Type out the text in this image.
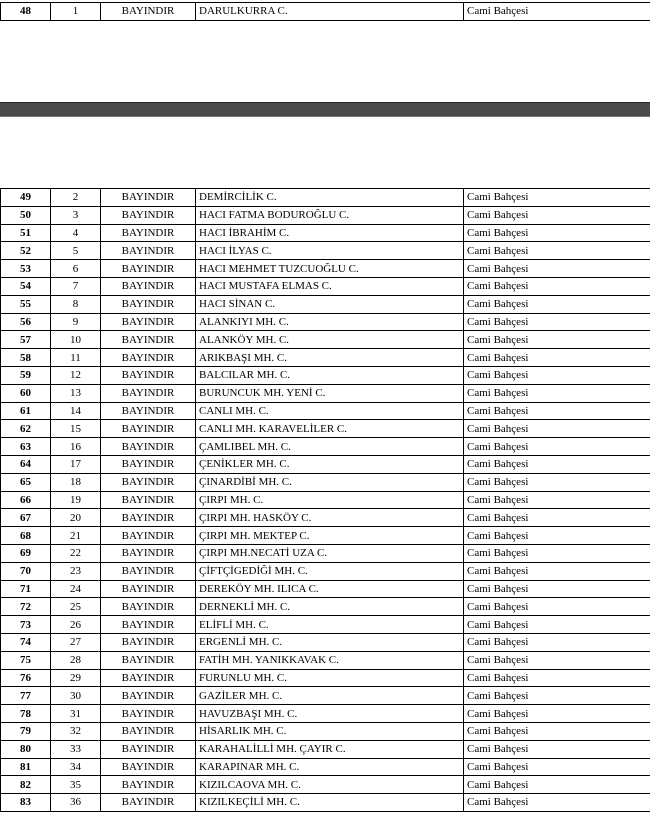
48	1	BAYINDIR	DARULKURRA C.	Cami Bahçesi
49	2	BAYINDIR	DEMİRCİLİK C.	Cami Bahçesi
50	3	BAYINDIR	HACI FATMA BODUROĞLU C.	Cami Bahçesi
51	4	BAYINDIR	HACI İBRAHİM C.	Cami Bahçesi
52	5	BAYINDIR	HACI İLYAS C.	Cami Bahçesi
53	6	BAYINDIR	HACI MEHMET TUZCUOĞLU C.	Cami Bahçesi
54	7	BAYINDIR	HACI MUSTAFA ELMAS C.	Cami Bahçesi
55	8	BAYINDIR	HACI SİNAN C.	Cami Bahçesi
56	9	BAYINDIR	ALANKIYI MH. C.	Cami Bahçesi
57	10	BAYINDIR	ALANKÖY MH. C.	Cami Bahçesi
58	11	BAYINDIR	ARIKBAŞI MH. C.	Cami Bahçesi
59	12	BAYINDIR	BALCILAR MH. C.	Cami Bahçesi
60	13	BAYINDIR	BURUNCUK MH. YENİ C.	Cami Bahçesi
61	14	BAYINDIR	CANLI MH. C.	Cami Bahçesi
62	15	BAYINDIR	CANLI MH. KARAVELİLER C.	Cami Bahçesi
63	16	BAYINDIR	ÇAMLIBEL MH. C.	Cami Bahçesi
64	17	BAYINDIR	ÇENİKLER MH. C.	Cami Bahçesi
65	18	BAYINDIR	ÇINARDİBİ MH. C.	Cami Bahçesi
66	19	BAYINDIR	ÇIRPI MH. C.	Cami Bahçesi
67	20	BAYINDIR	ÇIRPI MH. HASKÖY C.	Cami Bahçesi
68	21	BAYINDIR	ÇIRPI MH. MEKTEP C.	Cami Bahçesi
69	22	BAYINDIR	ÇIRPI MH.NECATİ UZA C.	Cami Bahçesi
70	23	BAYINDIR	ÇİFTÇİGEDİĞİ MH. C.	Cami Bahçesi
71	24	BAYINDIR	DEREKÖY MH. ILICA C.	Cami Bahçesi
72	25	BAYINDIR	DERNEKLİ MH. C.	Cami Bahçesi
73	26	BAYINDIR	ELİFLİ MH. C.	Cami Bahçesi
74	27	BAYINDIR	ERGENLİ MH. C.	Cami Bahçesi
75	28	BAYINDIR	FATİH MH. YANIKKAVAK C.	Cami Bahçesi
76	29	BAYINDIR	FURUNLU MH. C.	Cami Bahçesi
77	30	BAYINDIR	GAZİLER MH. C.	Cami Bahçesi
78	31	BAYINDIR	HAVUZBAŞI MH. C.	Cami Bahçesi
79	32	BAYINDIR	HİSARLIK MH. C.	Cami Bahçesi
80	33	BAYINDIR	KARAHALİLLİ MH. ÇAYIR C.	Cami Bahçesi
81	34	BAYINDIR	KARAPINAR MH. C.	Cami Bahçesi
82	35	BAYINDIR	KIZILCAOVA MH. C.	Cami Bahçesi
83	36	BAYINDIR	KIZILKEÇİLİ MH. C.	Cami Bahçesi
